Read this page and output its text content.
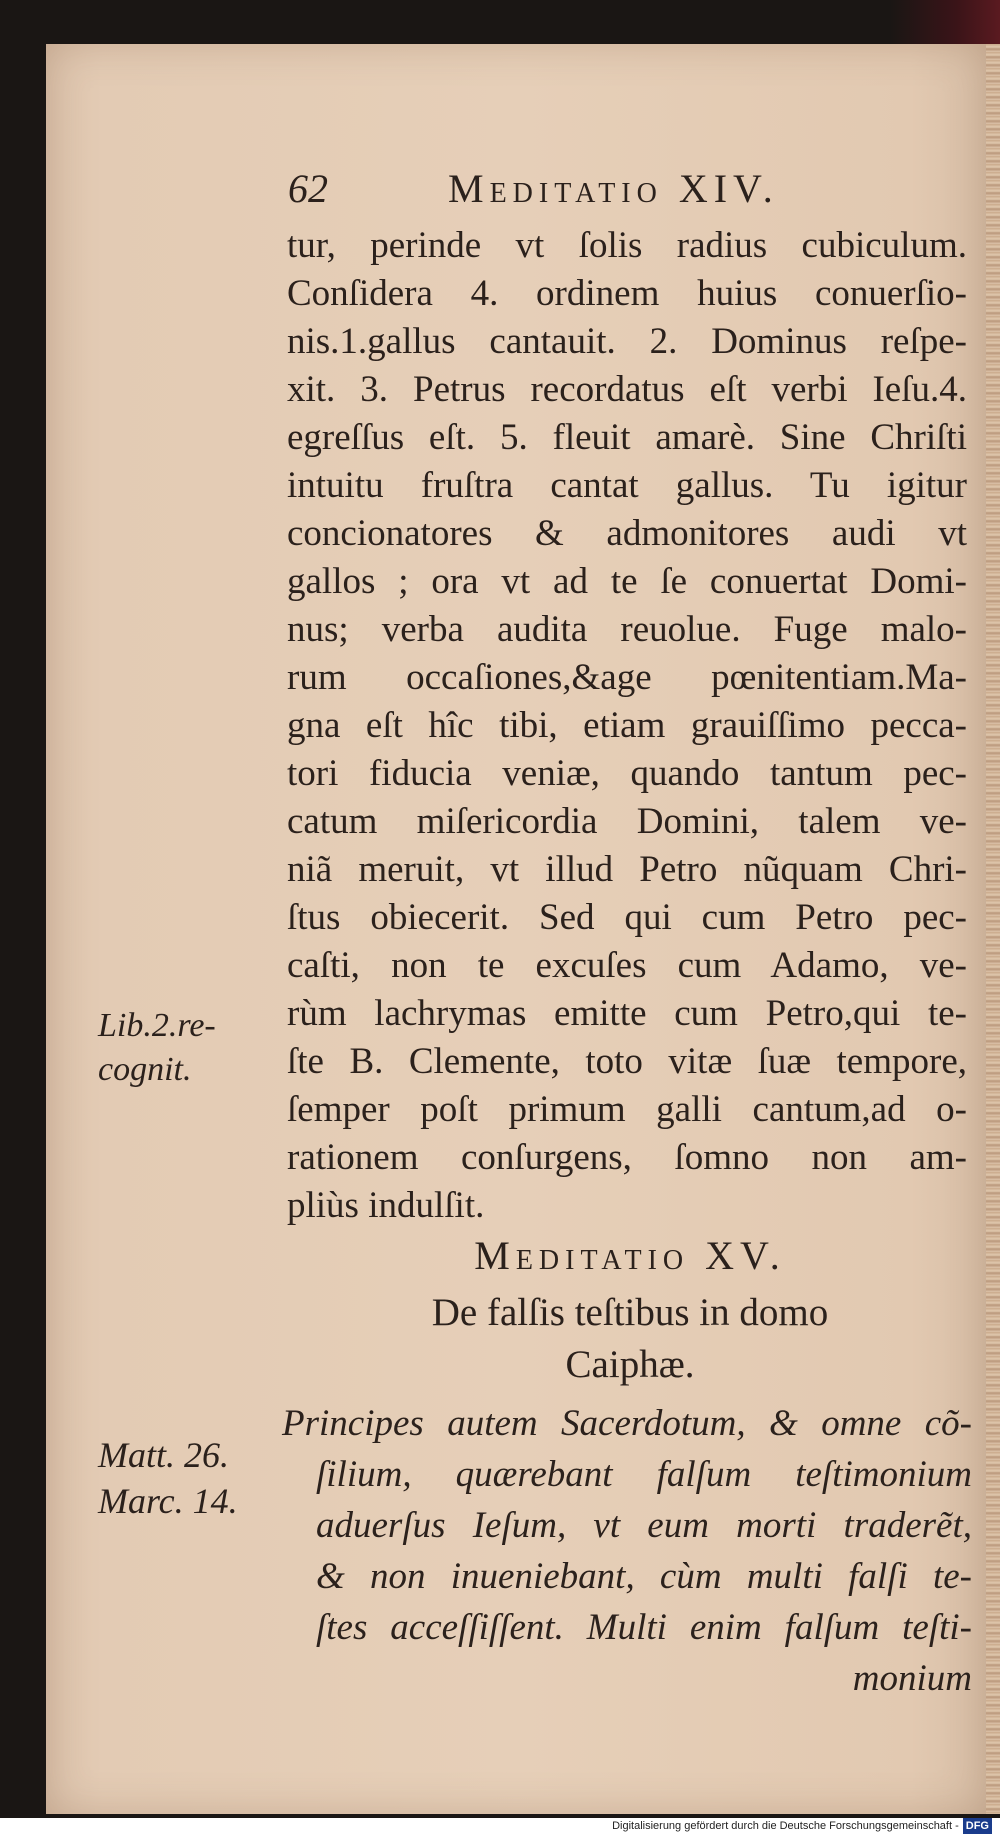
62	Meditatio XIV.
tur, perinde vt ſolis radius cubiculum.
Conſidera 4. ordinem huius conuerſio-
nis.1.gallus cantauit. 2. Dominus reſpe-
xit. 3. Petrus recordatus eſt verbi Ieſu.4.
egreſſus eſt. 5. fleuit amarè. Sine Chriſti
intuitu fruſtra cantat gallus. Tu igitur
concionatores & admonitores audi vt
gallos ; ora vt ad te ſe conuertat Domi-
nus; verba audita reuolue. Fuge malo-
rum occaſiones,&age pœnitentiam.Ma-
gna eſt hîc tibi, etiam grauiſſimo pecca-
tori fiducia veniæ, quando tantum pec-
catum miſericordia Domini, talem ve-
niã meruit, vt illud Petro nũquam Chri-
ſtus obiecerit. Sed qui cum Petro pec-
caſti, non te excuſes cum Adamo, ve-
rùm lachrymas emitte cum Petro,qui te-
ſte B. Clemente, toto vitæ ſuæ tempore,
ſemper poſt primum galli cantum,ad o-
rationem conſurgens, ſomno non am-
pliùs indulſit.
Lib.2.re-
cognit.
Meditatio XV.
De falſis teſtibus in domo
Caiphæ.
Matt. 26.
Marc. 14.
Principes autem Sacerdotum, & omne cõ-
ſilium, quærebant falſum teſtimonium
aduerſus Ieſum, vt eum morti traderẽt,
& non inueniebant, cùm multi falſi te-
ſtes acceſſiſſent. Multi enim falſum teſti-
monium
Digitalisierung gefördert durch die Deutsche Forschungsgemeinschaft - DFG
